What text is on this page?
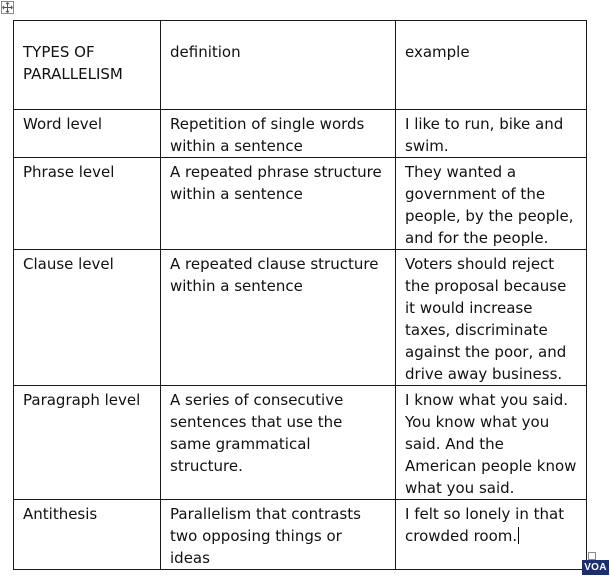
TYPES OF PARALLELISM	definition	example
Word level	Repetition of single words within a sentence	I like to run, bike and swim.
Phrase level	A repeated phrase structure within a sentence	They wanted a government of the people, by the people, and for the people.
Clause level	A repeated clause structure within a sentence	Voters should reject the proposal because it would increase taxes, discriminate against the poor, and drive away business.
Paragraph level	A series of consecutive sentences that use the same grammatical structure.	I know what you said. You know what you said. And the American people know what you said.
Antithesis	Parallelism that contrasts two opposing things or ideas	I felt so lonely in that crowded room.
VOA
